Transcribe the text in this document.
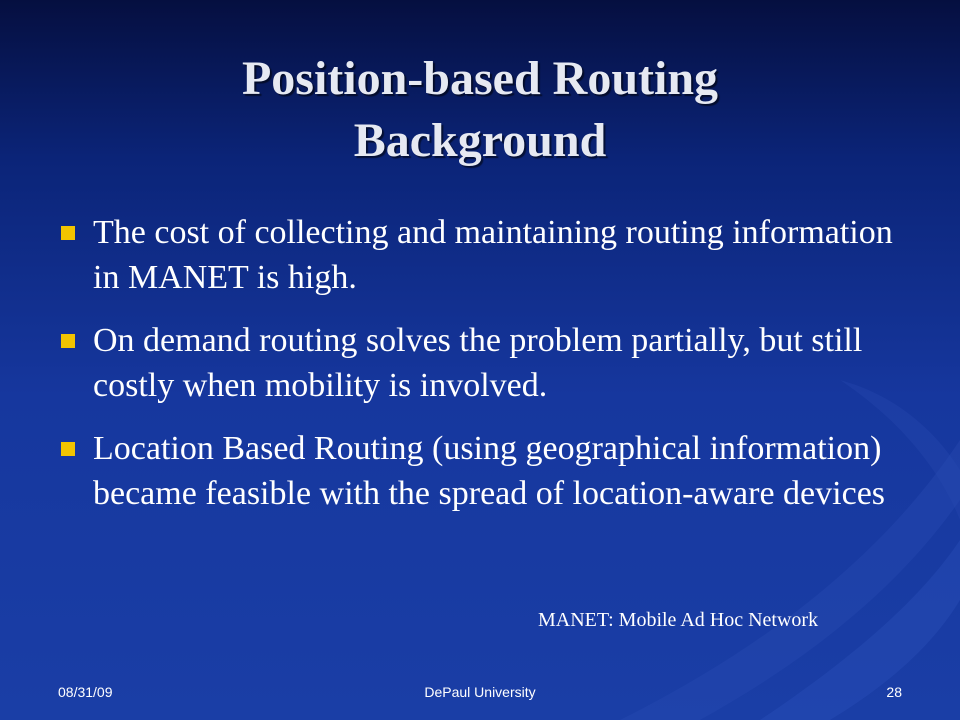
Position-based Routing
Background
The cost of collecting and maintaining routing information in MANET is high.
On demand routing solves the problem partially, but still costly when mobility is involved.
Location Based Routing (using geographical information) became feasible with the spread of location-aware devices
MANET: Mobile Ad Hoc Network
08/31/09	DePaul University	28
